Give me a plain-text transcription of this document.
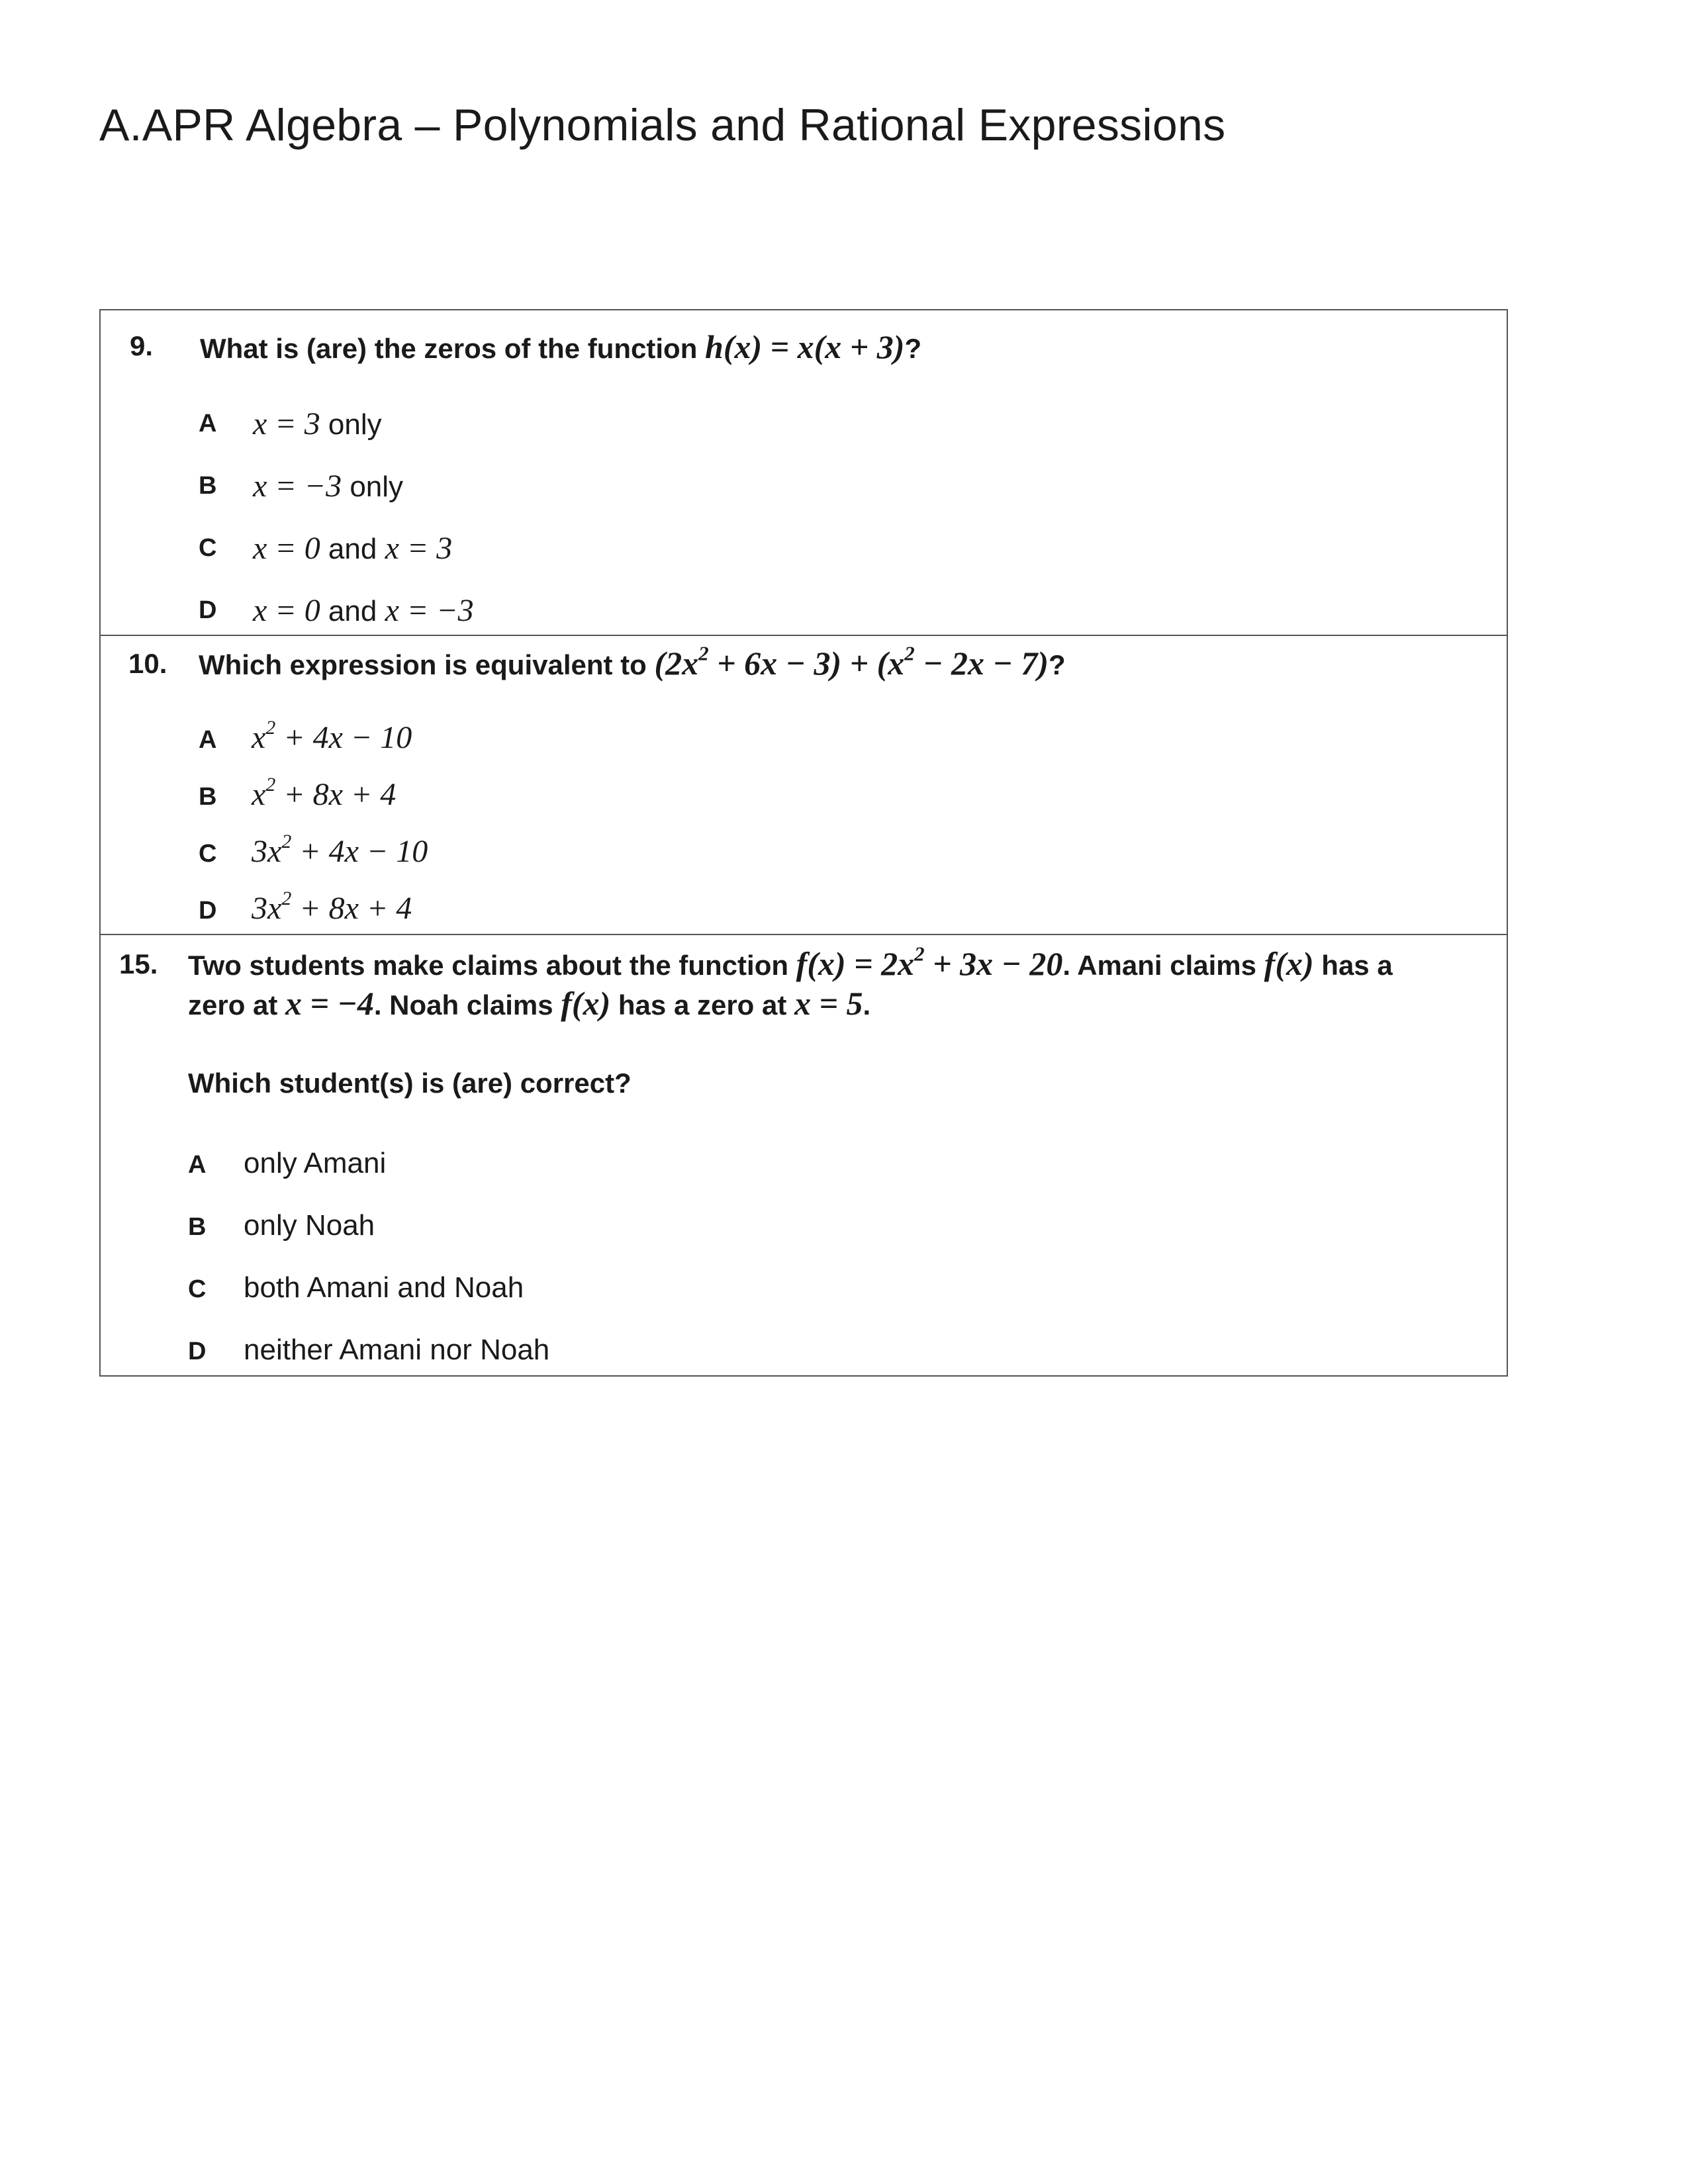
A.APR Algebra – Polynomials and Rational Expressions
9. What is (are) the zeros of the function h(x) = x(x + 3)?
A x = 3 only
B x = −3 only
C x = 0 and x = 3
D x = 0 and x = −3
10. Which expression is equivalent to $(2x^2 + 6x - 3) + (x^2 - 2x - 7)$?
A $x^2 + 4x - 10$
B $x^2 + 8x + 4$
C $3x^2 + 4x - 10$
D $3x^2 + 8x + 4$
15. Two students make claims about the function $f(x) = 2x^2 + 3x - 20$. Amani claims f(x) has a
zero at x = −4. Noah claims f(x) has a zero at x = 5.
Which student(s) is (are) correct?
A only Amani
B only Noah
C both Amani and Noah
D neither Amani nor Noah
